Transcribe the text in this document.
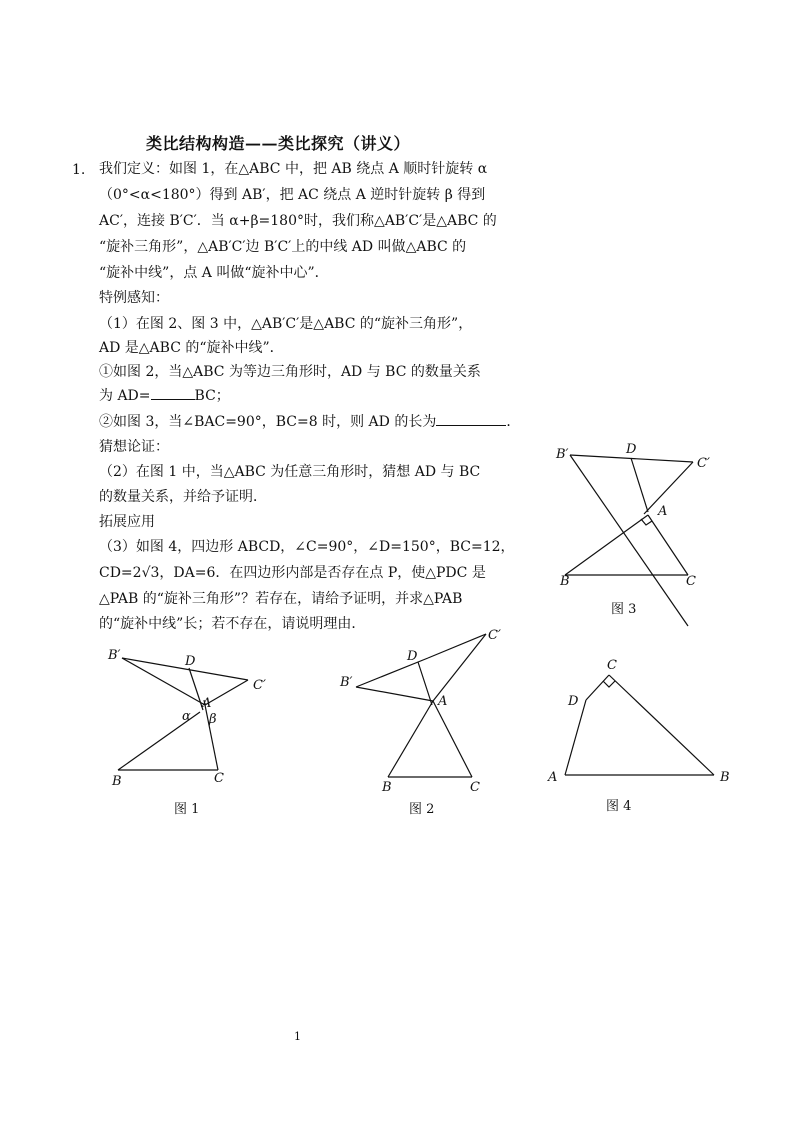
类比结构构造——类比探究（讲义）
1. 我们定义：如图 1，在△ABC 中，把 AB 绕点 A 顺时针旋转 α
（0°<α<180°）得到 AB′，把 AC 绕点 A 逆时针旋转 β 得到
AC′，连接 B′C′．当 α+β=180°时，我们称△AB′C′是△ABC 的
“旋补三角形”，△AB′C′边 B′C′上的中线 AD 叫做△ABC 的
“旋补中线”，点 A 叫做“旋补中心”．
特例感知：
（1）在图 2、图 3 中，△AB′C′是△ABC 的“旋补三角形”，
AD 是△ABC 的“旋补中线”．
①如图 2，当△ABC 为等边三角形时，AD 与 BC 的数量关系
为 AD=	BC；
②如图 3，当∠BAC=90°，BC=8 时，则 AD 的长为	．
猜想论证：
（2）在图 1 中，当△ABC 为任意三角形时，猜想 AD 与 BC
的数量关系，并给予证明．
拓展应用
（3）如图 4，四边形 ABCD，∠C=90°，∠D=150°，BC=12，
CD=2√3，DA=6．在四边形内部是否存在点 P，使△PDC 是
△PAB 的“旋补三角形”？若存在，请给予证明，并求△PAB
的“旋补中线”长；若不存在，请说明理由．
B′	D
C′
A
B	C
图 3
B′	D
C′
A
α β
B	C
图 1
C′
D
B′
A
B	C
图 2
C
D
A	B
图 4
1
